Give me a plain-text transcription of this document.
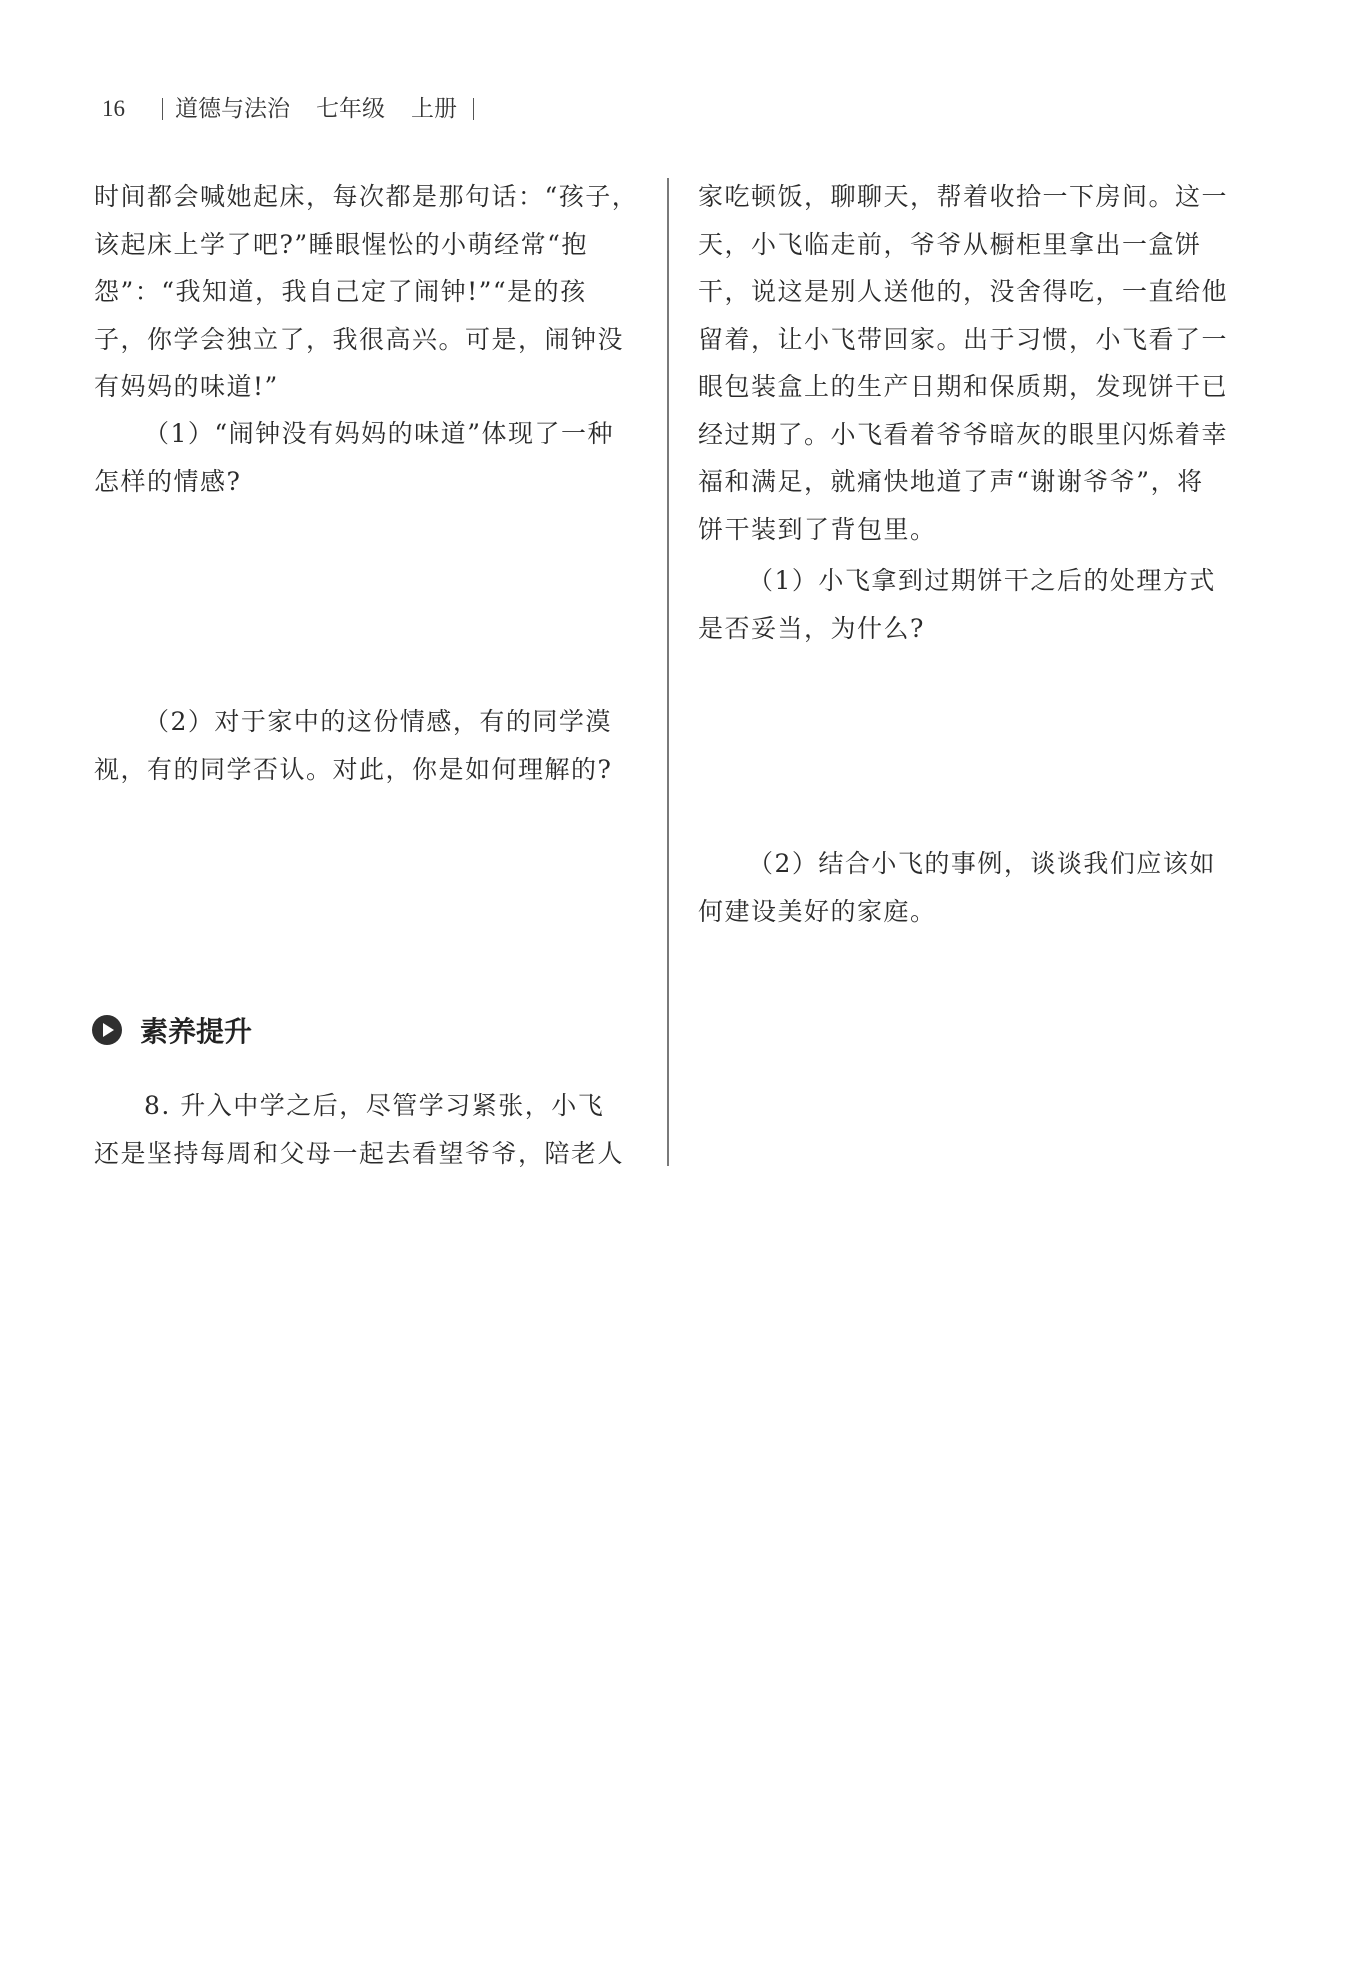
16	道德与法治 七年级 上册

时间都会喊她起床，每次都是那句话：“孩子，

该起床上学了吧?”睡眼惺忪的小萌经常“抱

怨”：“我知道，我自己定了闹钟!”“是的孩

子，你学会独立了，我很高兴。可是，闹钟没

有妈妈的味道!”

（1）“闹钟没有妈妈的味道”体现了一种

怎样的情感?

（2）对于家中的这份情感，有的同学漠

视，有的同学否认。对此，你是如何理解的?

素养提升

8. 升入中学之后，尽管学习紧张，小飞

还是坚持每周和父母一起去看望爷爷，陪老人

家吃顿饭，聊聊天，帮着收拾一下房间。这一

天，小飞临走前，爷爷从橱柜里拿出一盒饼

干，说这是别人送他的，没舍得吃，一直给他

留着，让小飞带回家。出于习惯，小飞看了一

眼包装盒上的生产日期和保质期，发现饼干已

经过期了。小飞看着爷爷暗灰的眼里闪烁着幸

福和满足，就痛快地道了声“谢谢爷爷”，将

饼干装到了背包里。

（1）小飞拿到过期饼干之后的处理方式

是否妥当，为什么?

（2）结合小飞的事例，谈谈我们应该如

何建设美好的家庭。
